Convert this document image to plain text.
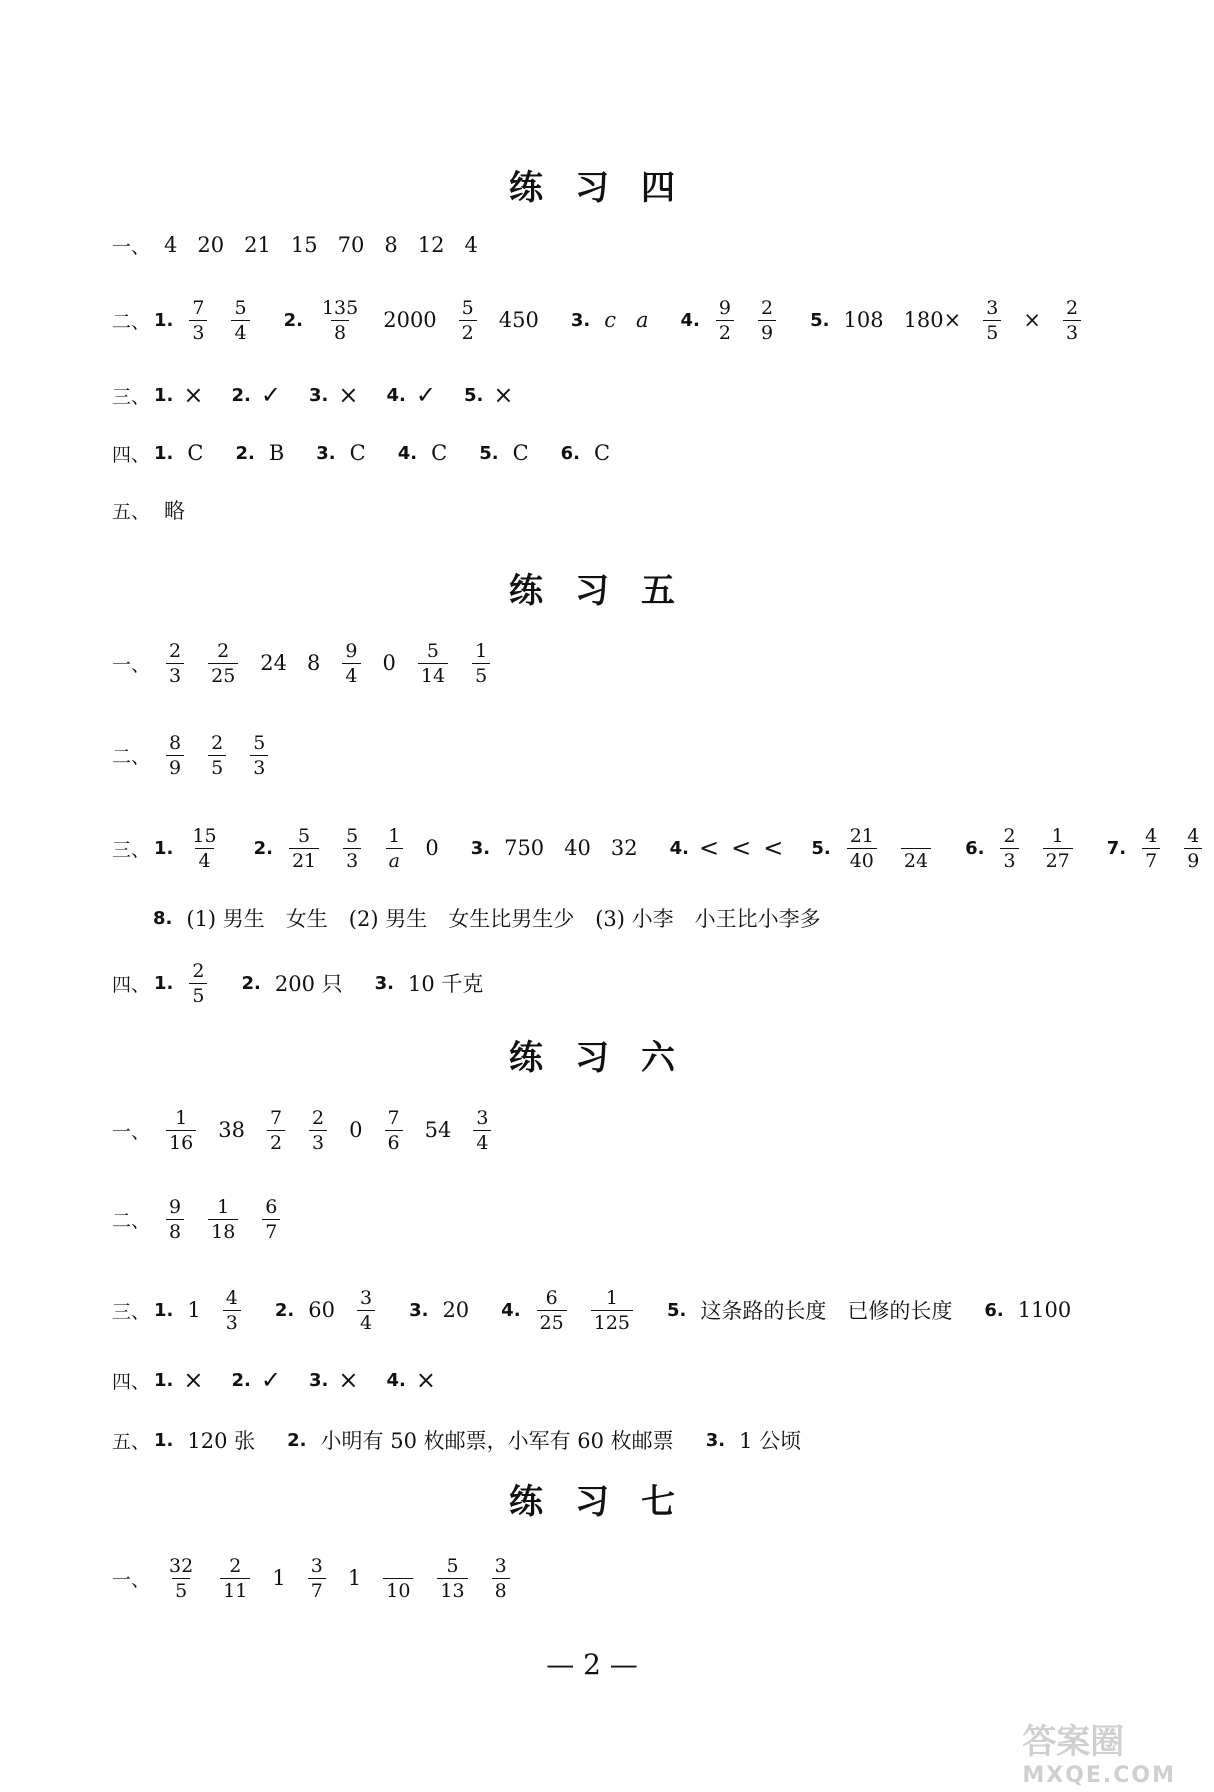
练习四
一、 4 20 21 15 70 8 12 4
二、 1. $\frac{7}{3} \frac{5}{4} 2$. $\frac{135}{8} 2000 \frac{5}{2} 450$ 3. c a 4. $\frac{9}{2} \frac{2}{9} 5$. 108 $180\times \frac{3}{5} \times \frac{2}{3}$
三、 1. × 2. ✓ 3. × 4. ✓ 5. ×
四、 1. C 2. B 3. C 4. C 5. C 6. C
五、 略
练习五
一、 $\frac{2}{3} \frac{2}{25} 24$ $8 \frac{9}{4} 0 \frac{5}{14} \frac{1}{5}$
二、 $\frac{8}{9} \frac{2}{5} \frac{5}{3}$
三、 1. $\frac{15}{4} 2$. $\frac{5}{21} \frac{5}{3} \frac{1}{a} 0$ 3. 750 40 32 4. < < < 5. $\frac{21}{40}$
24
6. $\frac{2}{3} \frac{1}{27} 7$. $\frac{4}{7} \frac{4}{9}$
8. (1) 男生　女生　(2) 男生　女生比男生少　(3) 小李　小王比小李多
四、 1. $\frac{2}{5} 2$. 200 只 3. 10 千克
练习六
一、 $\frac{1}{16} 38 \frac{7}{2} \frac{2}{3} 0 \frac{7}{6} 54 \frac{3}{4}$
二、 $\frac{9}{8} \frac{1}{18} \frac{6}{7}$
三、 1. $1 \frac{4}{3} 2$. $60 \frac{3}{4} 3$. 20 4. $\frac{6}{25} \frac{1}{125} 5$. 这条路的长度　已修的长度 6. 1100
四、 1. × 2. ✓ 3. × 4. ×
五、 1. 120 张 2. 小明有 50 枚邮票，小军有 60 枚邮票 3. 1 公顷
练习七
一、 $\frac{32}{5} \frac{2}{11} 1 \frac{3}{7} 1$

$10 \frac{5}{13} \frac{3}{8}$
— 2 —
答案圈
MXQE.COM
